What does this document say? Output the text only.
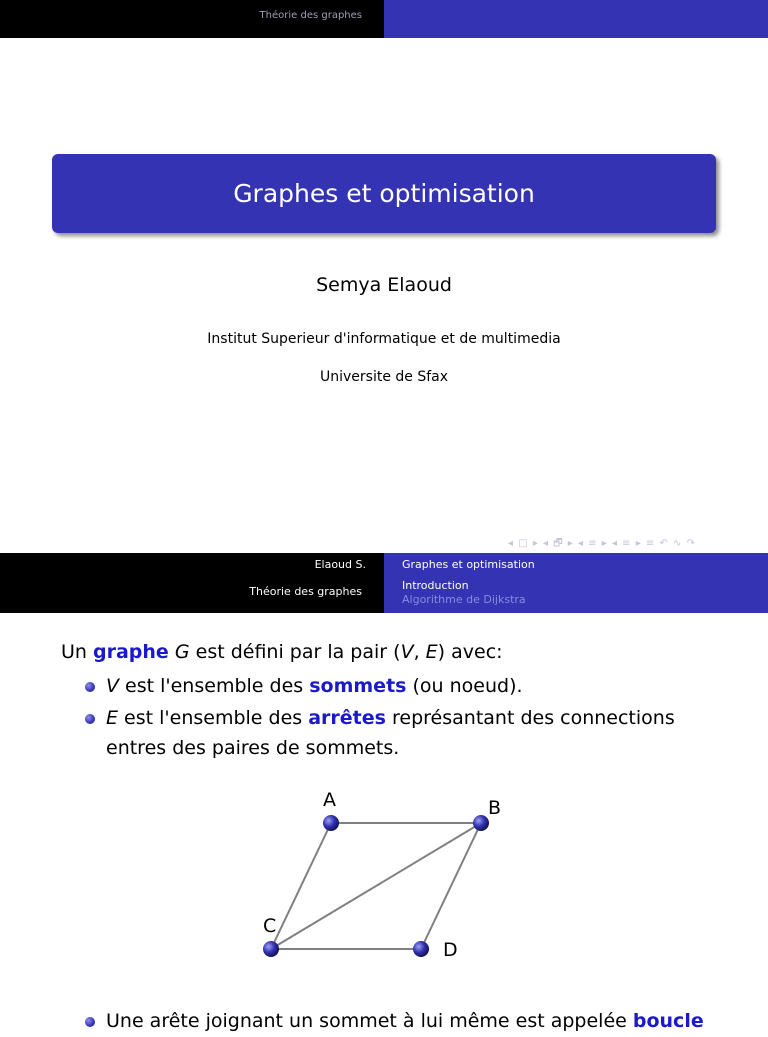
Théorie des graphes
Graphes et optimisation
Semya Elaoud
Institut Superieur d'informatique et de multimedia
Universite de Sfax
◂ □ ▸ ◂ 🗗 ▸ ◂ ≡ ▸ ◂ ≡ ▸ ≡ ↶ ∿ ↷
Elaoud S.
Théorie des graphes
Graphes et optimisation
Introduction
Algorithme de Dijkstra
Un graphe G est défini par la pair (V, E) avec:
V est l'ensemble des sommets (ou noeud).
E est l'ensemble des arrêtes représantant des connections
entres des paires de sommets.
A	B
C
D
Une arête joignant un sommet à lui même est appelée boucle
